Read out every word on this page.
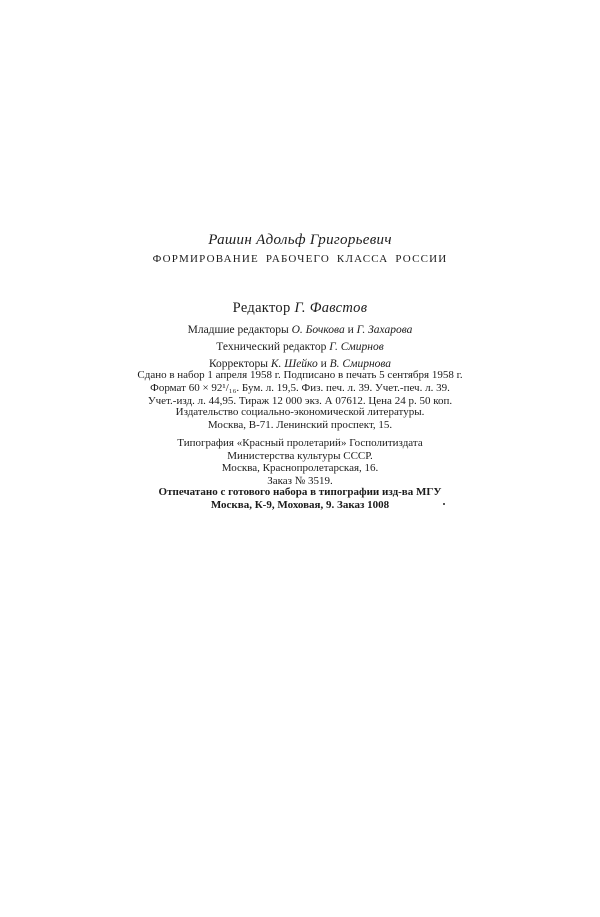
Рашин Адольф Григорьевич
ФОРМИРОВАНИЕ РАБОЧЕГО КЛАССА РОССИИ
Редактор Г. Фавстов
Младшие редакторы О. Бочкова и Г. Захарова
Технический редактор Г. Смирнов
Корректоры К. Шейко и В. Смирнова
Сдано в набор 1 апреля 1958 г. Подписано в печать 5 сентября 1958 г.
Формат 60 × 92¹/₁₆. Бум. л. 19,5. Физ. печ. л. 39. Учет.-печ. л. 39.
Учет.-изд. л. 44,95. Тираж 12 000 экз. А 07612. Цена 24 р. 50 коп.
Издательство социально-экономической литературы.
Москва, В-71. Ленинский проспект, 15.
Типография «Красный пролетарий» Госполитиздата
Министерства культуры СССР.
Москва, Краснопролетарская, 16.
Заказ № 3519.
Отпечатано с готового набора в типографии изд-ва МГУ
Москва, К-9, Моховая, 9. Заказ 1008
